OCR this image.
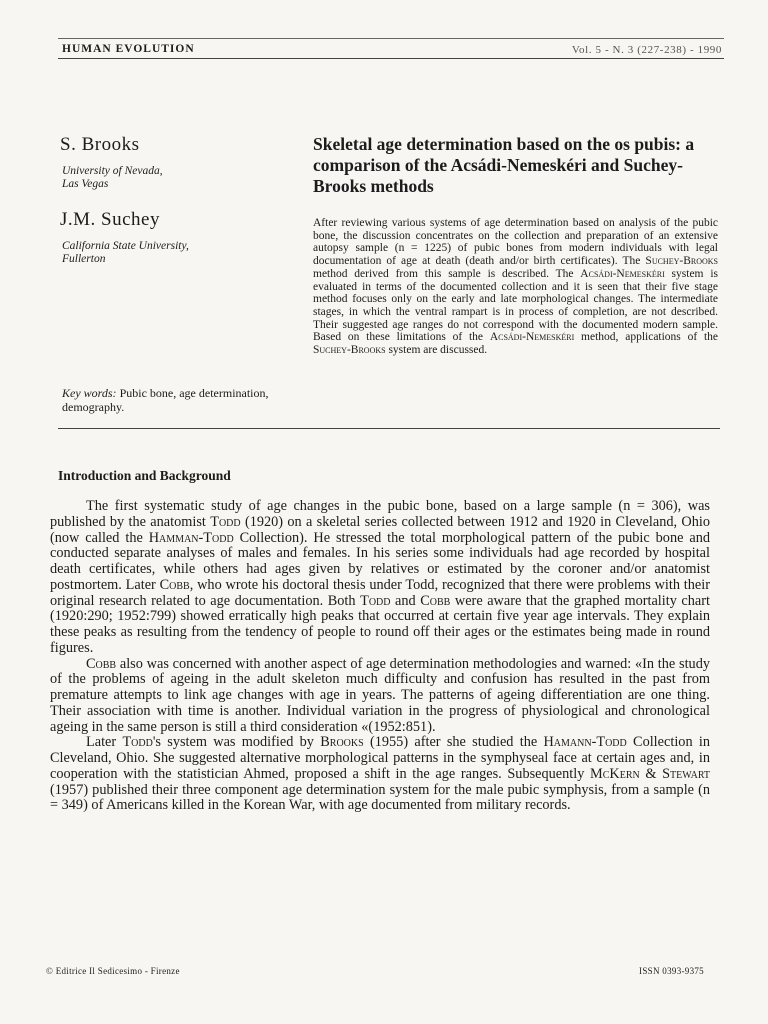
HUMAN EVOLUTION	Vol. 5 - N. 3 (227-238) - 1990
S. Brooks
University of Nevada,
Las Vegas
J.M. Suchey
California State University,
Fullerton
Key words: Pubic bone, age determination, demography.
Skeletal age determination based on the os pubis: a comparison of the Acsádi-Nemeskéri and Suchey-Brooks methods
After reviewing various systems of age determination based on analysis of the pubic bone, the discussion concentrates on the collection and preparation of an extensive autopsy sample (n = 1225) of pubic bones from modern individuals with legal documentation of age at death (death and/or birth certificates). The Suchey-Brooks method derived from this sample is described. The Acsádi-Nemeskéri system is evaluated in terms of the documented collection and it is seen that their five stage method focuses only on the early and late morphological changes. The intermediate stages, in which the ventral rampart is in process of completion, are not described. Their suggested age ranges do not correspond with the documented modern sample. Based on these limitations of the Acsádi-Nemeskéri method, applications of the Suchey-Brooks system are discussed.
Introduction and Background

The first systematic study of age changes in the pubic bone, based on a large sample (n = 306), was published by the anatomist Todd (1920) on a skeletal series collected between 1912 and 1920 in Cleveland, Ohio (now called the Hamman-Todd Collection). He stressed the total morphological pattern of the pubic bone and conducted separate analyses of males and females. In his series some individuals had age recorded by hospital death certificates, while others had ages given by relatives or estimated by the coroner and/or anatomist postmortem. Later Cobb, who wrote his doctoral thesis under Todd, recognized that there were problems with their original research related to age documentation. Both Todd and Cobb were aware that the graphed mortality chart (1920:290; 1952:799) showed erratically high peaks that occurred at certain five year age intervals. They explain these peaks as resulting from the tendency of people to round off their ages or the estimates being made in round figures.

Cobb also was concerned with another aspect of age determination methodologies and warned: «In the study of the problems of ageing in the adult skeleton much difficulty and confusion has resulted in the past from premature attempts to link age changes with age in years. The patterns of ageing differentiation are one thing. Their association with time is another. Individual variation in the progress of physiological and chronological ageing in the same person is still a third consideration «(1952:851).

Later Todd's system was modified by Brooks (1955) after she studied the Hamann-Todd Collection in Cleveland, Ohio. She suggested alternative morphological patterns in the symphyseal face at certain ages and, in cooperation with the statistician Ahmed, proposed a shift in the age ranges. Subsequently McKern & Stewart (1957) published their three component age determination system for the male pubic symphysis, from a sample (n = 349) of Americans killed in the Korean War, with age documented from military records.

© Editrice Il Sedicesimo - Firenze	ISSN 0393-9375
